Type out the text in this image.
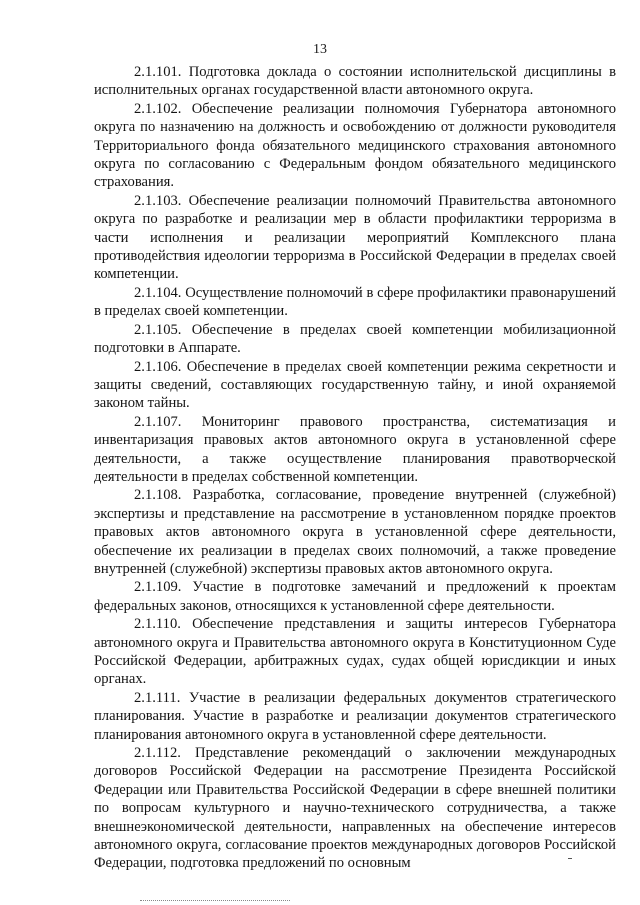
13

2.1.101. Подготовка доклада о состоянии исполнительской дисциплины в исполнительных органах государственной власти автономного округа.

2.1.102. Обеспечение реализации полномочия Губернатора автономного округа по назначению на должность и освобождению от должности руководителя Территориального фонда обязательного медицинского страхования автономного округа по согласованию с Федеральным фондом обязательного медицинского страхования.

2.1.103. Обеспечение реализации полномочий Правительства автономного округа по разработке и реализации мер в области профилактики терроризма в части исполнения и реализации мероприятий Комплексного плана противодействия идеологии терроризма в Российской Федерации в пределах своей компетенции.

2.1.104. Осуществление полномочий в сфере профилактики правонарушений в пределах своей компетенции.

2.1.105. Обеспечение в пределах своей компетенции мобилизационной подготовки в Аппарате.

2.1.106. Обеспечение в пределах своей компетенции режима секретности и защиты сведений, составляющих государственную тайну, и иной охраняемой законом тайны.

2.1.107. Мониторинг правового пространства, систематизация и инвентаризация правовых актов автономного округа в установленной сфере деятельности, а также осуществление планирования правотворческой деятельности в пределах собственной компетенции.

2.1.108. Разработка, согласование, проведение внутренней (служебной) экспертизы и представление на рассмотрение в установленном порядке проектов правовых актов автономного округа в установленной сфере деятельности, обеспечение их реализации в пределах своих полномочий, а также проведение внутренней (служебной) экспертизы правовых актов автономного округа.

2.1.109. Участие в подготовке замечаний и предложений к проектам федеральных законов, относящихся к установленной сфере деятельности.

2.1.110. Обеспечение представления и защиты интересов Губернатора автономного округа и Правительства автономного округа в Конституционном Суде Российской Федерации, арбитражных судах, судах общей юрисдикции и иных органах.

2.1.111. Участие в реализации федеральных документов стратегического планирования. Участие в разработке и реализации документов стратегического планирования автономного округа в установленной сфере деятельности.

2.1.112. Представление рекомендаций о заключении международных договоров Российской Федерации на рассмотрение Президента Российской Федерации или Правительства Российской Федерации в сфере внешней политики по вопросам культурного и научно-технического сотрудничества, а также внешнеэкономической деятельности, направленных на обеспечение интересов автономного округа, согласование проектов международных договоров Российской Федерации, подготовка предложений по основным
